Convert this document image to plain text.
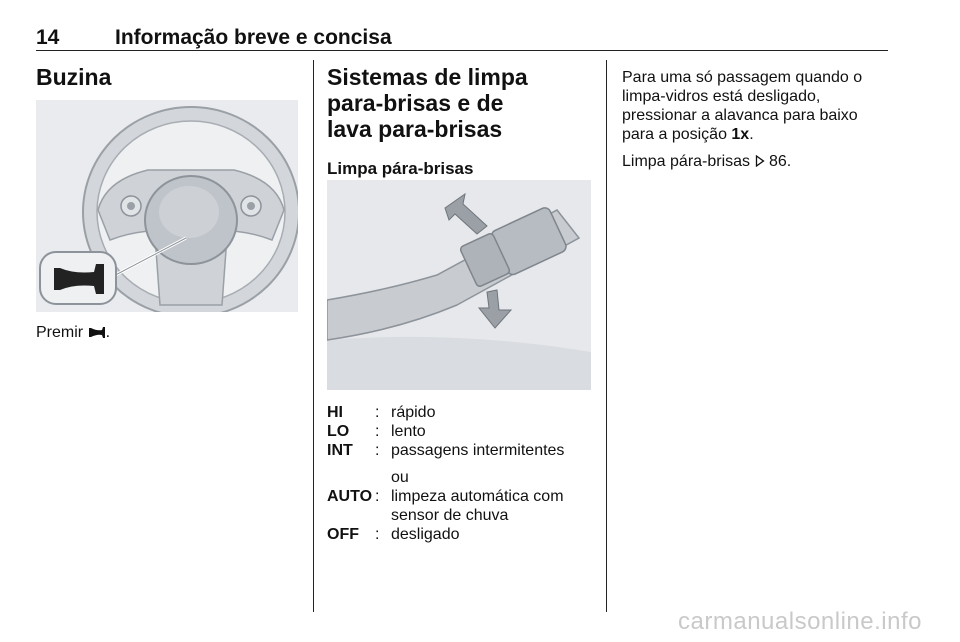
14	Informação breve e concisa
Buzina

Premir .

Sistemas de limpa para-brisas e de lava para-brisas
Limpa pára-brisas
HI	: rápido
LO	: lento
INT	: passagens intermitentes
ou
AUTO : limpeza automática com sensor de chuva
OFF	: desligado

Para uma só passagem quando o limpa-vidros está desligado, pressionar a alavanca para baixo para a posição 1x.

Limpa pára-brisas  86.

carmanualsonline.info
